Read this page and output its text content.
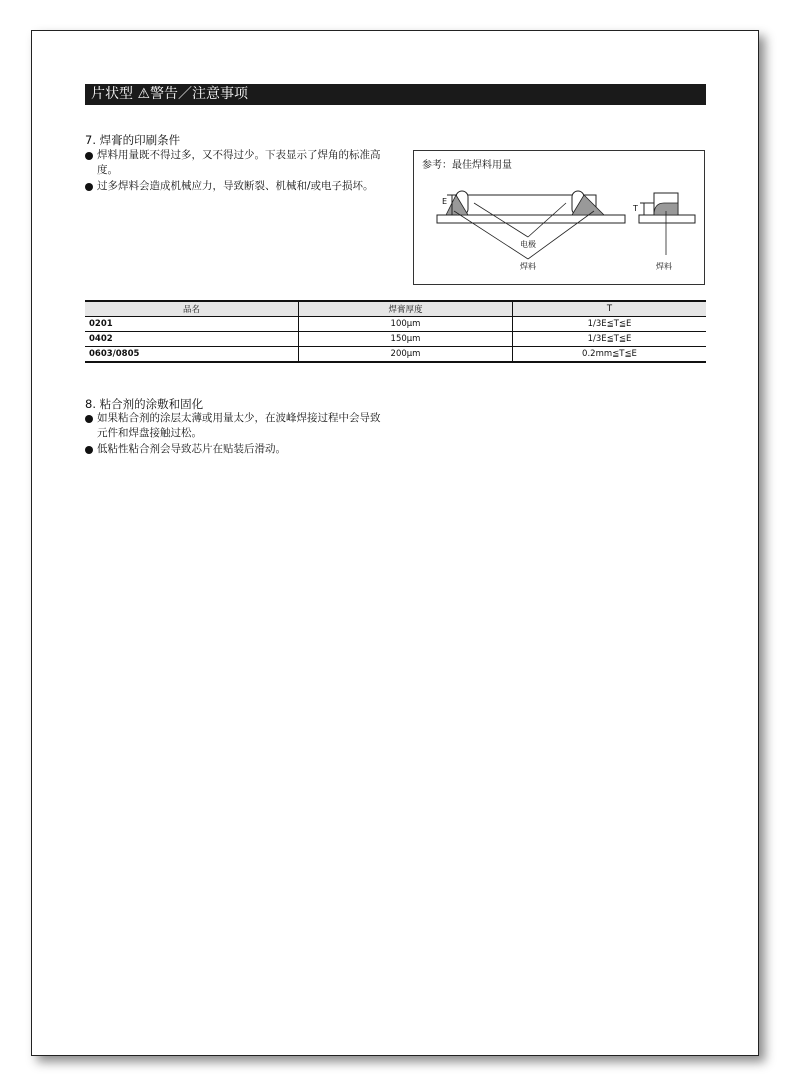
片状型 ⚠警告／注意事项
7. 焊膏的印刷条件
焊料用量既不得过多，又不得过少。下表显示了焊角的标准高度。
过多焊料会造成机械应力，导致断裂、机械和/或电子损坏。
参考：最佳焊料用量
E
T
电极
焊料	焊料
品名	焊膏厚度	T
0201	100μm	1/3E≦T≦E
0402	150μm	1/3E≦T≦E
0603/0805	200μm	0.2mm≦T≦E
8. 粘合剂的涂敷和固化
如果粘合剂的涂层太薄或用量太少，在波峰焊接过程中会导致元件和焊盘接触过松。
低粘性粘合剂会导致芯片在贴装后滑动。
